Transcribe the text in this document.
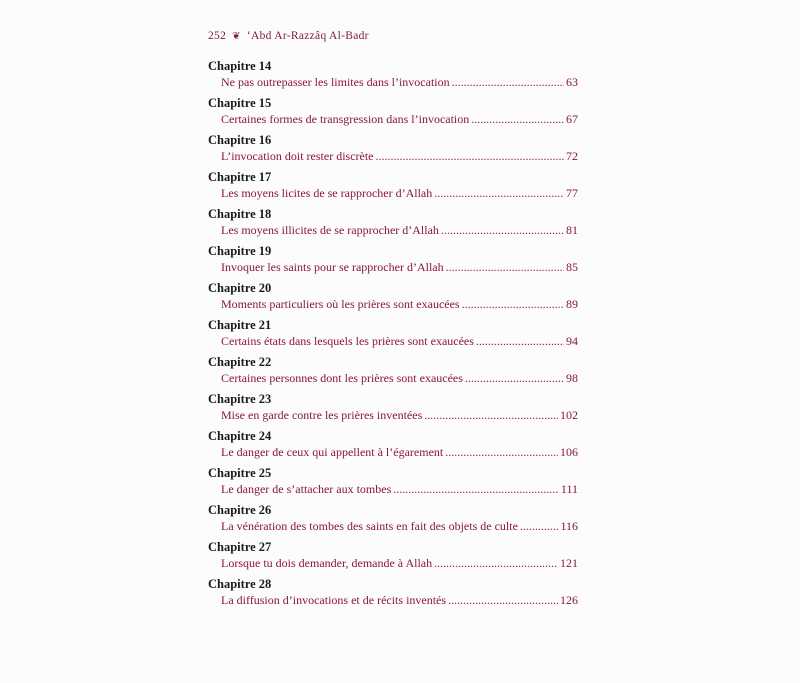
252 ❦ ‘Abd Ar-Razzâq Al-Badr
Chapitre 14
Ne pas outrepasser les limites dans l’invocation .....	63
Chapitre 15
Certaines formes de transgression dans l’invocation .....	67
Chapitre 16
L’invocation doit rester discrète .....	72
Chapitre 17
Les moyens licites de se rapprocher d’Allah .....	77
Chapitre 18
Les moyens illicites de se rapprocher d’Allah .....	81
Chapitre 19
Invoquer les saints pour se rapprocher d’Allah .....	85
Chapitre 20
Moments particuliers où les prières sont exaucées .....	89
Chapitre 21
Certains états dans lesquels les prières sont exaucées .....	94
Chapitre 22
Certaines personnes dont les prières sont exaucées .....	98
Chapitre 23
Mise en garde contre les prières inventées .....	102
Chapitre 24
Le danger de ceux qui appellent à l’égarement .....	106
Chapitre 25
Le danger de s’attacher aux tombes .....	111
Chapitre 26
La vénération des tombes des saints en fait des objets de culte .....	116
Chapitre 27
Lorsque tu dois demander, demande à Allah .....	121
Chapitre 28
La diffusion d’invocations et de récits inventés .....	126
